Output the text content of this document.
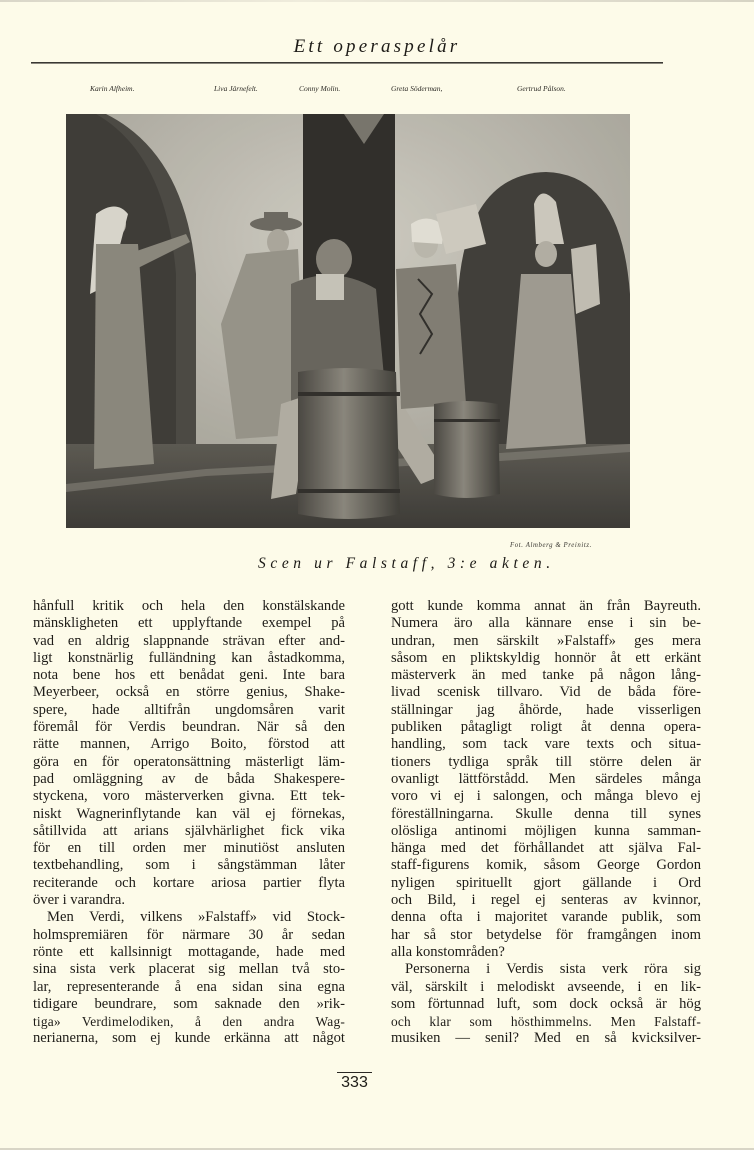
Ett operaspelår
Karin Alfheim.	Liva Järnefelt.	Conny Molin.	Greta Söderman,	Gertrud Pålson.
Fot. Almberg & Preinitz.
Scen ur Falstaff, 3:e akten.
hånfull kritik och hela den konstälskande
mänskligheten ett upplyftande exempel på
vad en aldrig slappnande strävan efter and-
ligt konstnärlig fulländning kan åstadkomma,
nota bene hos ett benådat geni. Inte bara
Meyerbeer, också en större genius, Shake-
spere, hade alltifrån ungdomsåren varit
föremål för Verdis beundran. När så den
rätte mannen, Arrigo Boito, förstod att
göra en för operatonsättning mästerligt läm-
pad omläggning av de båda Shakespere-
styckena, voro mästerverken givna. Ett tek-
niskt Wagnerinflytande kan väl ej förnekas,
såtillvida att arians självhärlighet fick vika
för en till orden mer minutiöst ansluten
textbehandling, som i sångstämman låter
reciterande och kortare ariosa partier flyta
över i varandra.
Men Verdi, vilkens »Falstaff» vid Stock-
holmspremiären för närmare 30 år sedan
rönte ett kallsinnigt mottagande, hade med
sina sista verk placerat sig mellan två sto-
lar, representerande å ena sidan sina egna
tidigare beundrare, som saknade den »rik-
tiga» Verdimelodiken, å den andra Wag-
nerianerna, som ej kunde erkänna att något
gott kunde komma annat än från Bayreuth.
Numera äro alla kännare ense i sin be-
undran, men särskilt »Falstaff» ges mera
såsom en pliktskyldig honnör åt ett erkänt
mästerverk än med tanke på någon lång-
livad scenisk tillvaro. Vid de båda före-
ställningar jag åhörde, hade visserligen
publiken påtagligt roligt åt denna opera-
handling, som tack vare texts och situa-
tioners tydliga språk till större delen är
ovanligt lättförstådd. Men särdeles många
voro vi ej i salongen, och många blevo ej
föreställningarna. Skulle denna till synes
olösliga antinomi möjligen kunna samman-
hänga med det förhållandet att själva Fal-
staff-figurens komik, såsom George Gordon
nyligen spirituellt gjort gällande i Ord
och Bild, i regel ej senteras av kvinnor,
denna ofta i majoritet varande publik, som
har så stor betydelse för framgången inom
alla konstområden?
Personerna i Verdis sista verk röra sig
väl, särskilt i melodiskt avseende, i en lik-
som förtunnad luft, som dock också är hög
och klar som hösthimmelns. Men Falstaff-
musiken — senil? Med en så kvicksilver-
333
